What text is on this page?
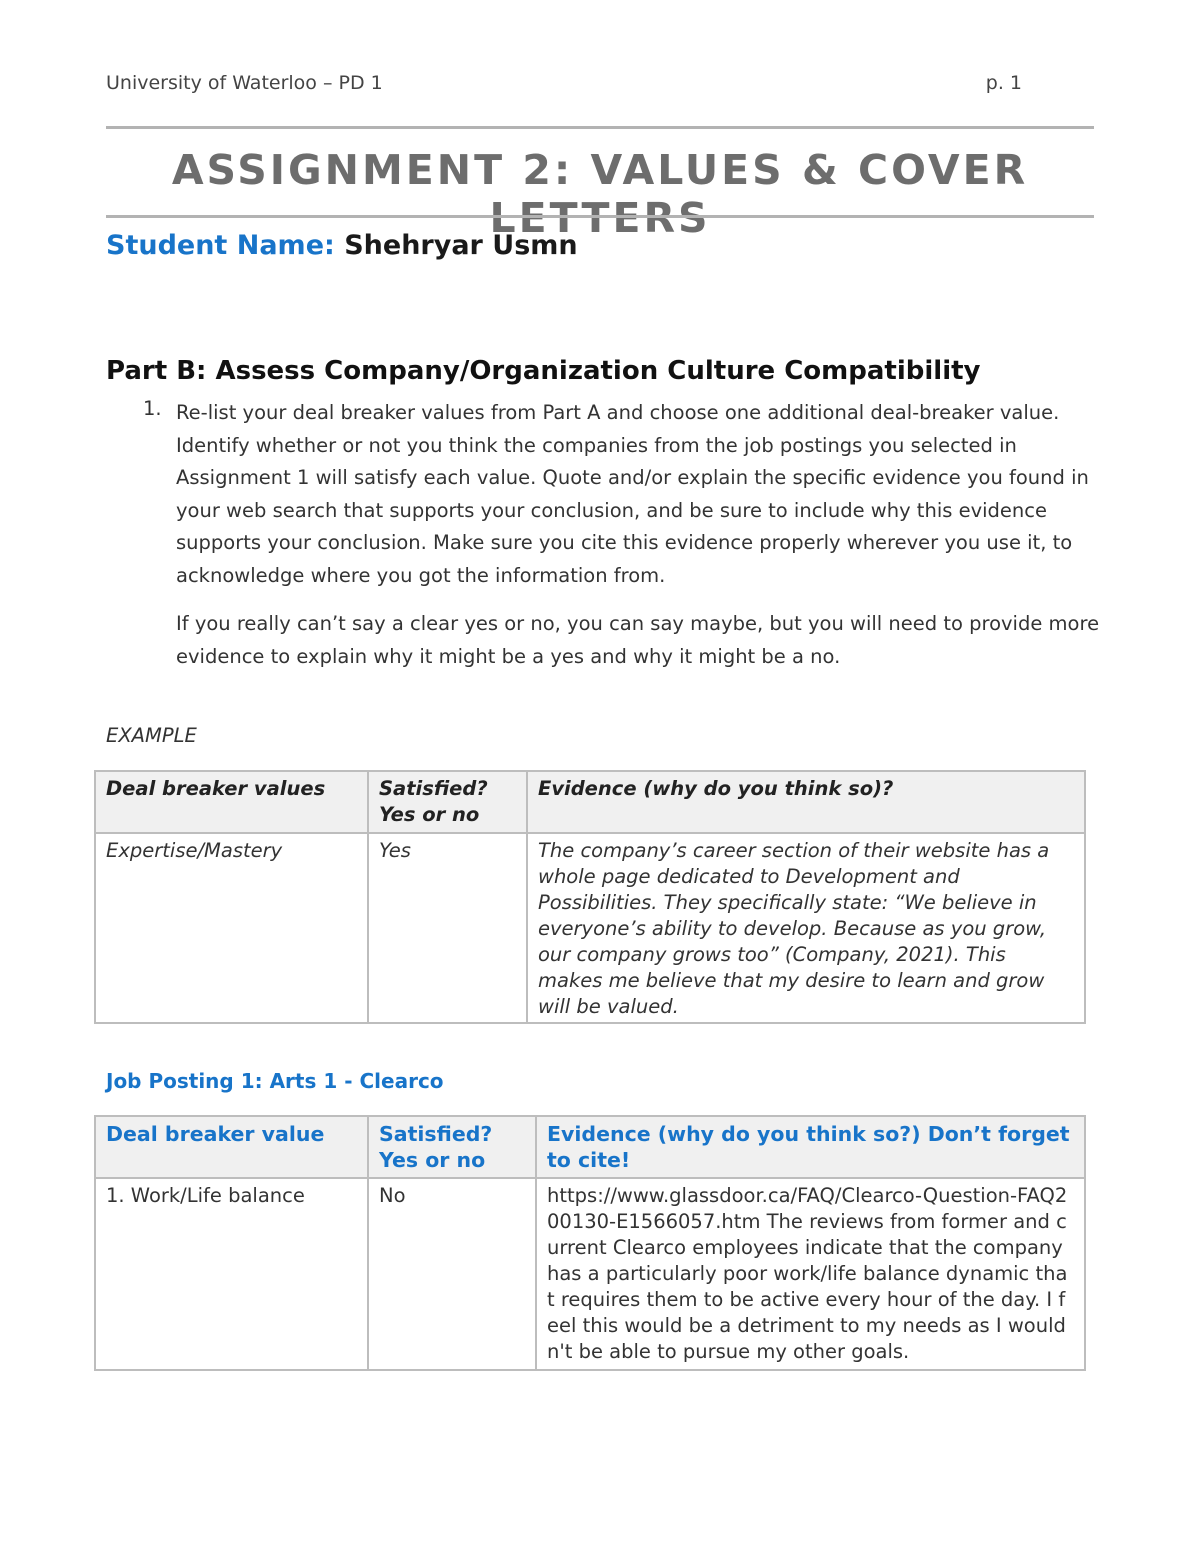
University of Waterloo – PD 1	p. 1
ASSIGNMENT 2: VALUES & COVER LETTERS
Student Name: Shehryar Usmn
Part B: Assess Company/Organization Culture Compatibility
1. Re-list your deal breaker values from Part A and choose one additional deal-breaker value. Identify whether or not you think the companies from the job postings you selected in Assignment 1 will satisfy each value. Quote and/or explain the specific evidence you found in your web search that supports your conclusion, and be sure to include why this evidence supports your conclusion. Make sure you cite this evidence properly wherever you use it, to acknowledge where you got the information from.

If you really can’t say a clear yes or no, you can say maybe, but you will need to provide more evidence to explain why it might be a yes and why it might be a no.

EXAMPLE
Deal breaker values	Satisfied? Yes or no	Evidence (why do you think so)?
Expertise/Mastery	Yes	The company’s career section of their website has a whole page dedicated to Development and Possibilities. They specifically state: “We believe in everyone’s ability to develop. Because as you grow, our company grows too” (Company, 2021). This makes me believe that my desire to learn and grow will be valued.
Job Posting 1: Arts 1 - Clearco
Deal breaker value	Satisfied? Yes or no	Evidence (why do you think so?) Don’t forget to cite!
1. Work/Life balance	No	https://www.glassdoor.ca/FAQ/Clearco-Question-FAQ200130-E1566057.htm The reviews from former and current Clearco employees indicate that the company has a particularly poor work/life balance dynamic that requires them to be active every hour of the day. I feel this would be a detriment to my needs as I wouldn't be able to pursue my other goals.
